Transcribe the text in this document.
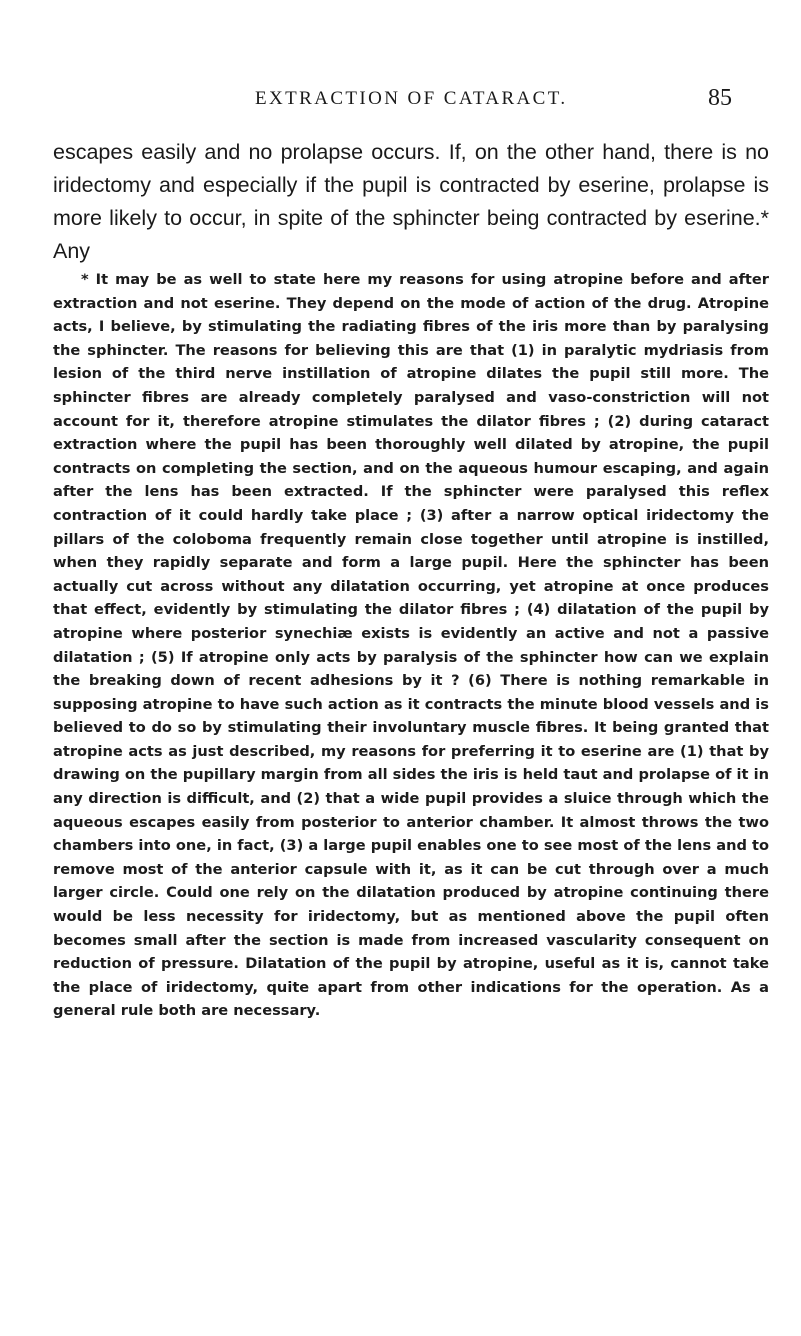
EXTRACTION OF CATARACT.	85

escapes easily and no prolapse occurs. If, on the other hand, there is no iridectomy and especially if the pupil is contracted by eserine, prolapse is more likely to occur, in spite of the sphincter being contracted by eserine.* Any

* It may be as well to state here my reasons for using atropine before and after extraction and not eserine. They depend on the mode of action of the drug. Atropine acts, I believe, by stimulating the radiating fibres of the iris more than by paralysing the sphincter. The reasons for believing this are that (1) in paralytic mydriasis from lesion of the third nerve instillation of atropine dilates the pupil still more. The sphincter fibres are already completely paralysed and vaso-constriction will not account for it, therefore atropine stimulates the dilator fibres ; (2) during cataract extraction where the pupil has been thoroughly well dilated by atropine, the pupil contracts on completing the section, and on the aqueous humour escaping, and again after the lens has been extracted. If the sphincter were paralysed this reflex contraction of it could hardly take place ; (3) after a narrow optical iridectomy the pillars of the coloboma frequently remain close together until atropine is instilled, when they rapidly separate and form a large pupil. Here the sphincter has been actually cut across without any dilatation occurring, yet atropine at once produces that effect, evidently by stimulating the dilator fibres ; (4) dilatation of the pupil by atropine where posterior synechiæ exists is evidently an active and not a passive dilatation ; (5) If atropine only acts by paralysis of the sphincter how can we explain the breaking down of recent adhesions by it ? (6) There is nothing remarkable in supposing atropine to have such action as it contracts the minute blood vessels and is believed to do so by stimulating their involuntary muscle fibres. It being granted that atropine acts as just described, my reasons for preferring it to eserine are (1) that by drawing on the pupillary margin from all sides the iris is held taut and prolapse of it in any direction is difficult, and (2) that a wide pupil provides a sluice through which the aqueous escapes easily from posterior to anterior chamber. It almost throws the two chambers into one, in fact, (3) a large pupil enables one to see most of the lens and to remove most of the anterior capsule with it, as it can be cut through over a much larger circle. Could one rely on the dilatation produced by atropine continuing there would be less necessity for iridectomy, but as mentioned above the pupil often becomes small after the section is made from increased vascularity consequent on reduction of pressure. Dilatation of the pupil by atropine, useful as it is, cannot take the place of iridectomy, quite apart from other indications for the operation. As a general rule both are necessary.
